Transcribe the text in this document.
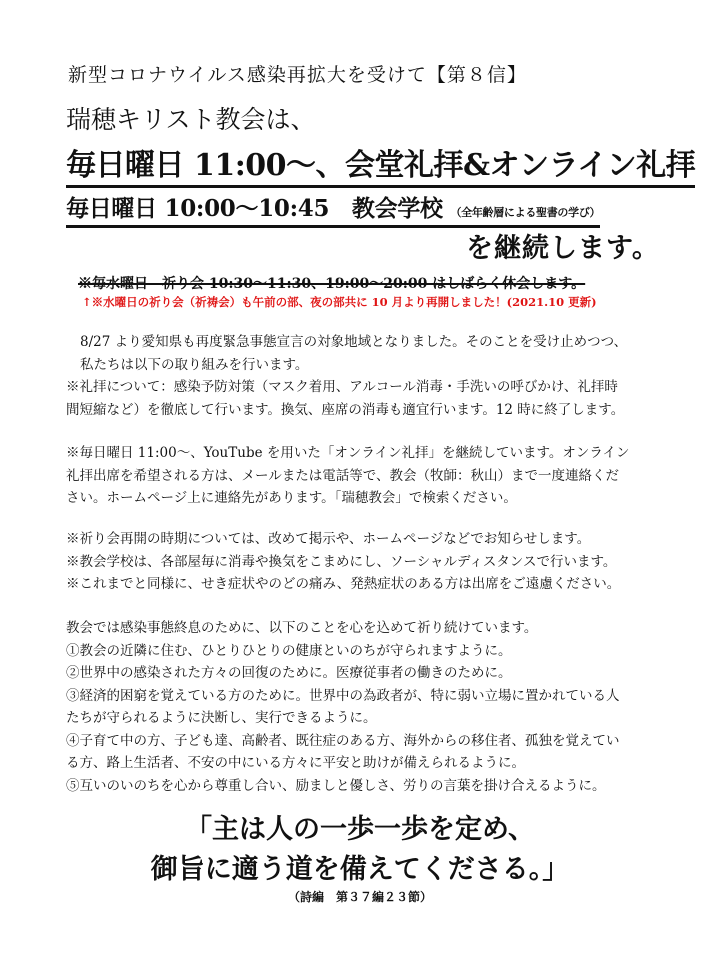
新型コロナウイルス感染再拡大を受けて【第８信】
瑞穂キリスト教会は、
毎日曜日 11:00〜、会堂礼拝&オンライン礼拝
毎日曜日 10:00〜10:45　教会学校 （全年齢層による聖書の学び）
を継続します。
※毎水曜日　祈り会 10:30〜11:30、19:00〜20:00 はしばらく休会します。
↑※水曜日の祈り会（祈祷会）も午前の部、夜の部共に 10 月より再開しました！(2021.10 更新)

8/27 より愛知県も再度緊急事態宣言の対象地域となりました。そのことを受け止めつつ、

私たちは以下の取り組みを行います。

※礼拝について：感染予防対策（マスク着用、アルコール消毒・手洗いの呼びかけ、礼拝時

間短縮など）を徹底して行います。換気、座席の消毒も適宜行います。12 時に終了します。

※毎日曜日 11:00〜、YouTube を用いた「オンライン礼拝」を継続しています。オンライン

礼拝出席を希望される方は、メールまたは電話等で、教会（牧師：秋山）まで一度連絡くだ

さい。ホームページ上に連絡先があります。「瑞穂教会」で検索ください。

※祈り会再開の時期については、改めて掲示や、ホームページなどでお知らせします。

※教会学校は、各部屋毎に消毒や換気をこまめにし、ソーシャルディスタンスで行います。

※これまでと同様に、せき症状やのどの痛み、発熱症状のある方は出席をご遠慮ください。

教会では感染事態終息のために、以下のことを心を込めて祈り続けています。

①教会の近隣に住む、ひとりひとりの健康といのちが守られますように。

②世界中の感染された方々の回復のために。医療従事者の働きのために。

③経済的困窮を覚えている方のために。世界中の為政者が、特に弱い立場に置かれている人

たちが守られるように決断し、実行できるように。

④子育て中の方、子ども達、高齢者、既往症のある方、海外からの移住者、孤独を覚えてい

る方、路上生活者、不安の中にいる方々に平安と助けが備えられるように。

⑤互いのいのちを心から尊重し合い、励ましと優しさ、労りの言葉を掛け合えるように。

「主は人の一歩一歩を定め、
御旨に適う道を備えてくださる。」
（詩編　第３７編２３節）
